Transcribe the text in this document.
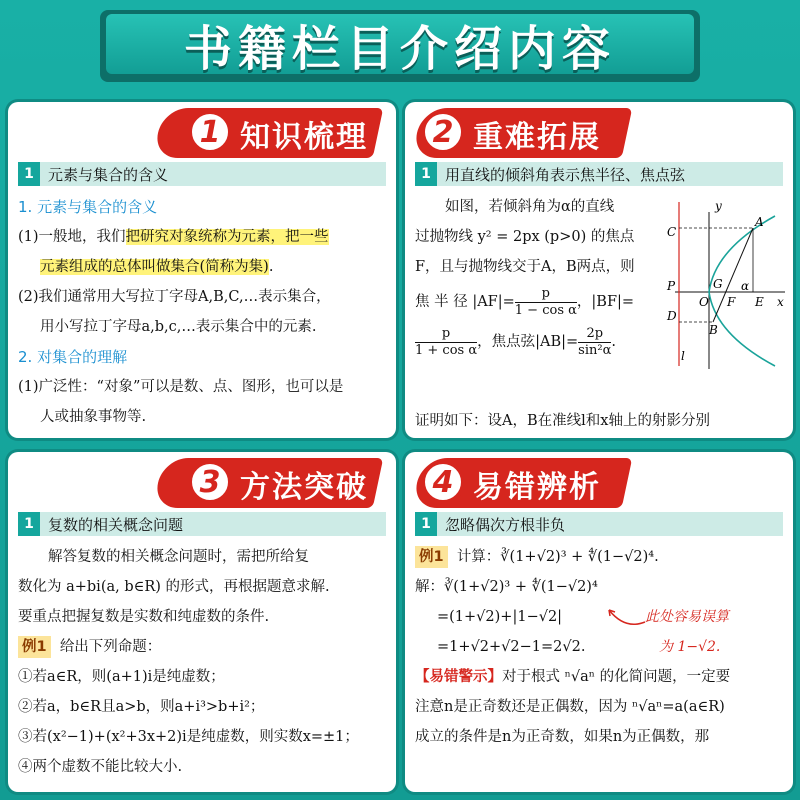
书籍栏目介绍内容
1 知识梳理
1 元素与集合的含义
1. 元素与集合的含义
(1)一般地，我们把研究对象统称为元素，把一些
元素组成的总体叫做集合(简称为集).
(2)我们通常用大写拉丁字母A,B,C,…表示集合，
用小写拉丁字母a,b,c,…表示集合中的元素.
2. 对集合的理解
(1)广泛性：“对象”可以是数、点、图形，也可以是
人或抽象事物等.
2 重难拓展
1 用直线的倾斜角表示焦半径、焦点弦
如图，若倾斜角为α的直线
过抛物线 y² = 2px (p>0) 的焦点
F，且与抛物线交于A，B两点，则
焦 半 径 $|AF|= \frac{p}{\text{1 − cos α}}$ ，|BF|=
$\frac{p}{\text{1 + cos α}}$ ，焦点弦$|AB|= \frac{2p}{\text{sin²α}}$ .
证明如下：设A，B在准线l和x轴上的射影分别
C
y
A
P	G α
O F E x
D
B
l
3 方法突破
1 复数的相关概念问题
解答复数的相关概念问题时，需把所给复
数化为 a+bi(a, b∈R) 的形式，再根据题意求解.
要重点把握复数是实数和纯虚数的条件.
例1 给出下列命题：
①若a∈R，则(a+1)i是纯虚数；
②若a，b∈R且a>b，则a+i³>b+i²；
③若(x²−1)+(x²+3x+2)i是纯虚数，则实数x=±1；
④两个虚数不能比较大小.
4 易错辨析
1 忽略偶次方根非负
例1 计算：∛(1+√2)³ + ∜(1−√2)⁴.
解：∛(1+√2)³ + ∜(1−√2)⁴
=(1+√2)+|1−√2|
=1+√2+√2−1=2√2.
此处容易误算
为 1−√2.
【易错警示】对于根式 ⁿ√aⁿ 的化简问题，一定要
注意n是正奇数还是正偶数，因为 ⁿ√aⁿ=a(a∈R)
成立的条件是n为正奇数，如果n为正偶数，那
